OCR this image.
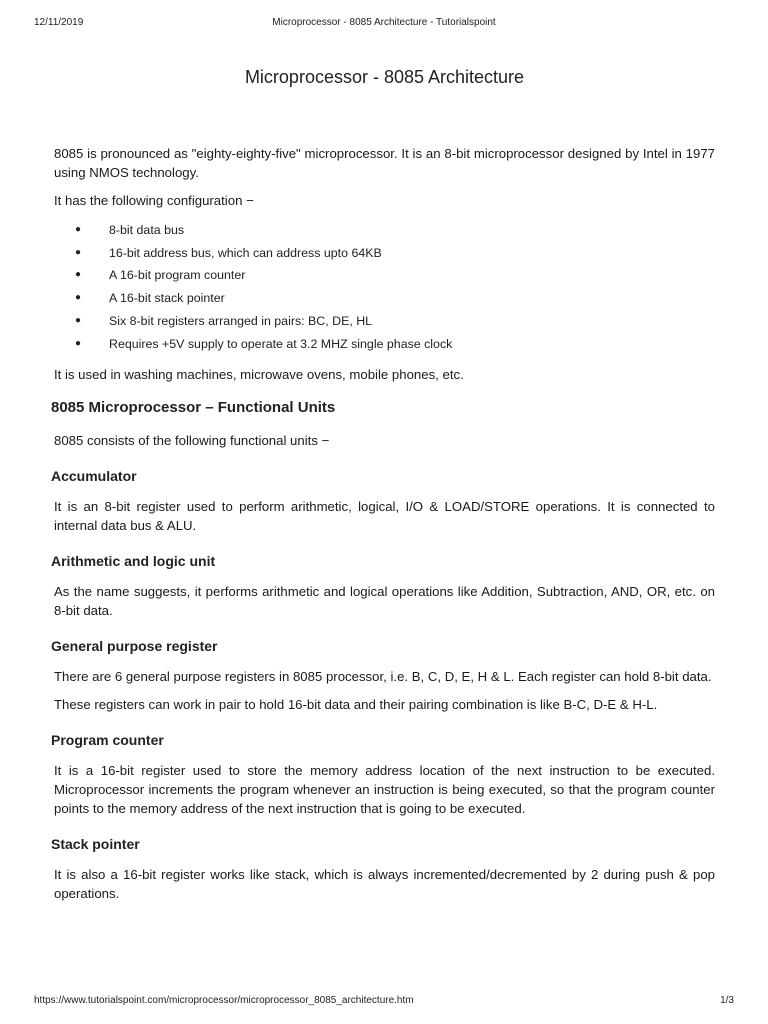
12/11/2019	Microprocessor - 8085 Architecture - Tutorialspoint
Microprocessor - 8085 Architecture

8085 is pronounced as "eighty-eighty-five" microprocessor. It is an 8-bit microprocessor designed by Intel in 1977 using NMOS technology.

It has the following configuration −

● 8-bit data bus
● 16-bit address bus, which can address upto 64KB
● A 16-bit program counter
● A 16-bit stack pointer
● Six 8-bit registers arranged in pairs: BC, DE, HL
● Requires +5V supply to operate at 3.2 MHZ single phase clock

It is used in washing machines, microwave ovens, mobile phones, etc.

8085 Microprocessor – Functional Units

8085 consists of the following functional units −

Accumulator

It is an 8-bit register used to perform arithmetic, logical, I/O & LOAD/STORE operations. It is connected to internal data bus & ALU.

Arithmetic and logic unit

As the name suggests, it performs arithmetic and logical operations like Addition, Subtraction, AND, OR, etc. on 8-bit data.

General purpose register

There are 6 general purpose registers in 8085 processor, i.e. B, C, D, E, H & L. Each register can hold 8-bit data.

These registers can work in pair to hold 16-bit data and their pairing combination is like B-C, D-E & H-L.

Program counter

It is a 16-bit register used to store the memory address location of the next instruction to be executed. Microprocessor increments the program whenever an instruction is being executed, so that the program counter points to the memory address of the next instruction that is going to be executed.

Stack pointer

It is also a 16-bit register works like stack, which is always incremented/decremented by 2 during push & pop operations.

https://www.tutorialspoint.com/microprocessor/microprocessor_8085_architecture.htm	1/3
